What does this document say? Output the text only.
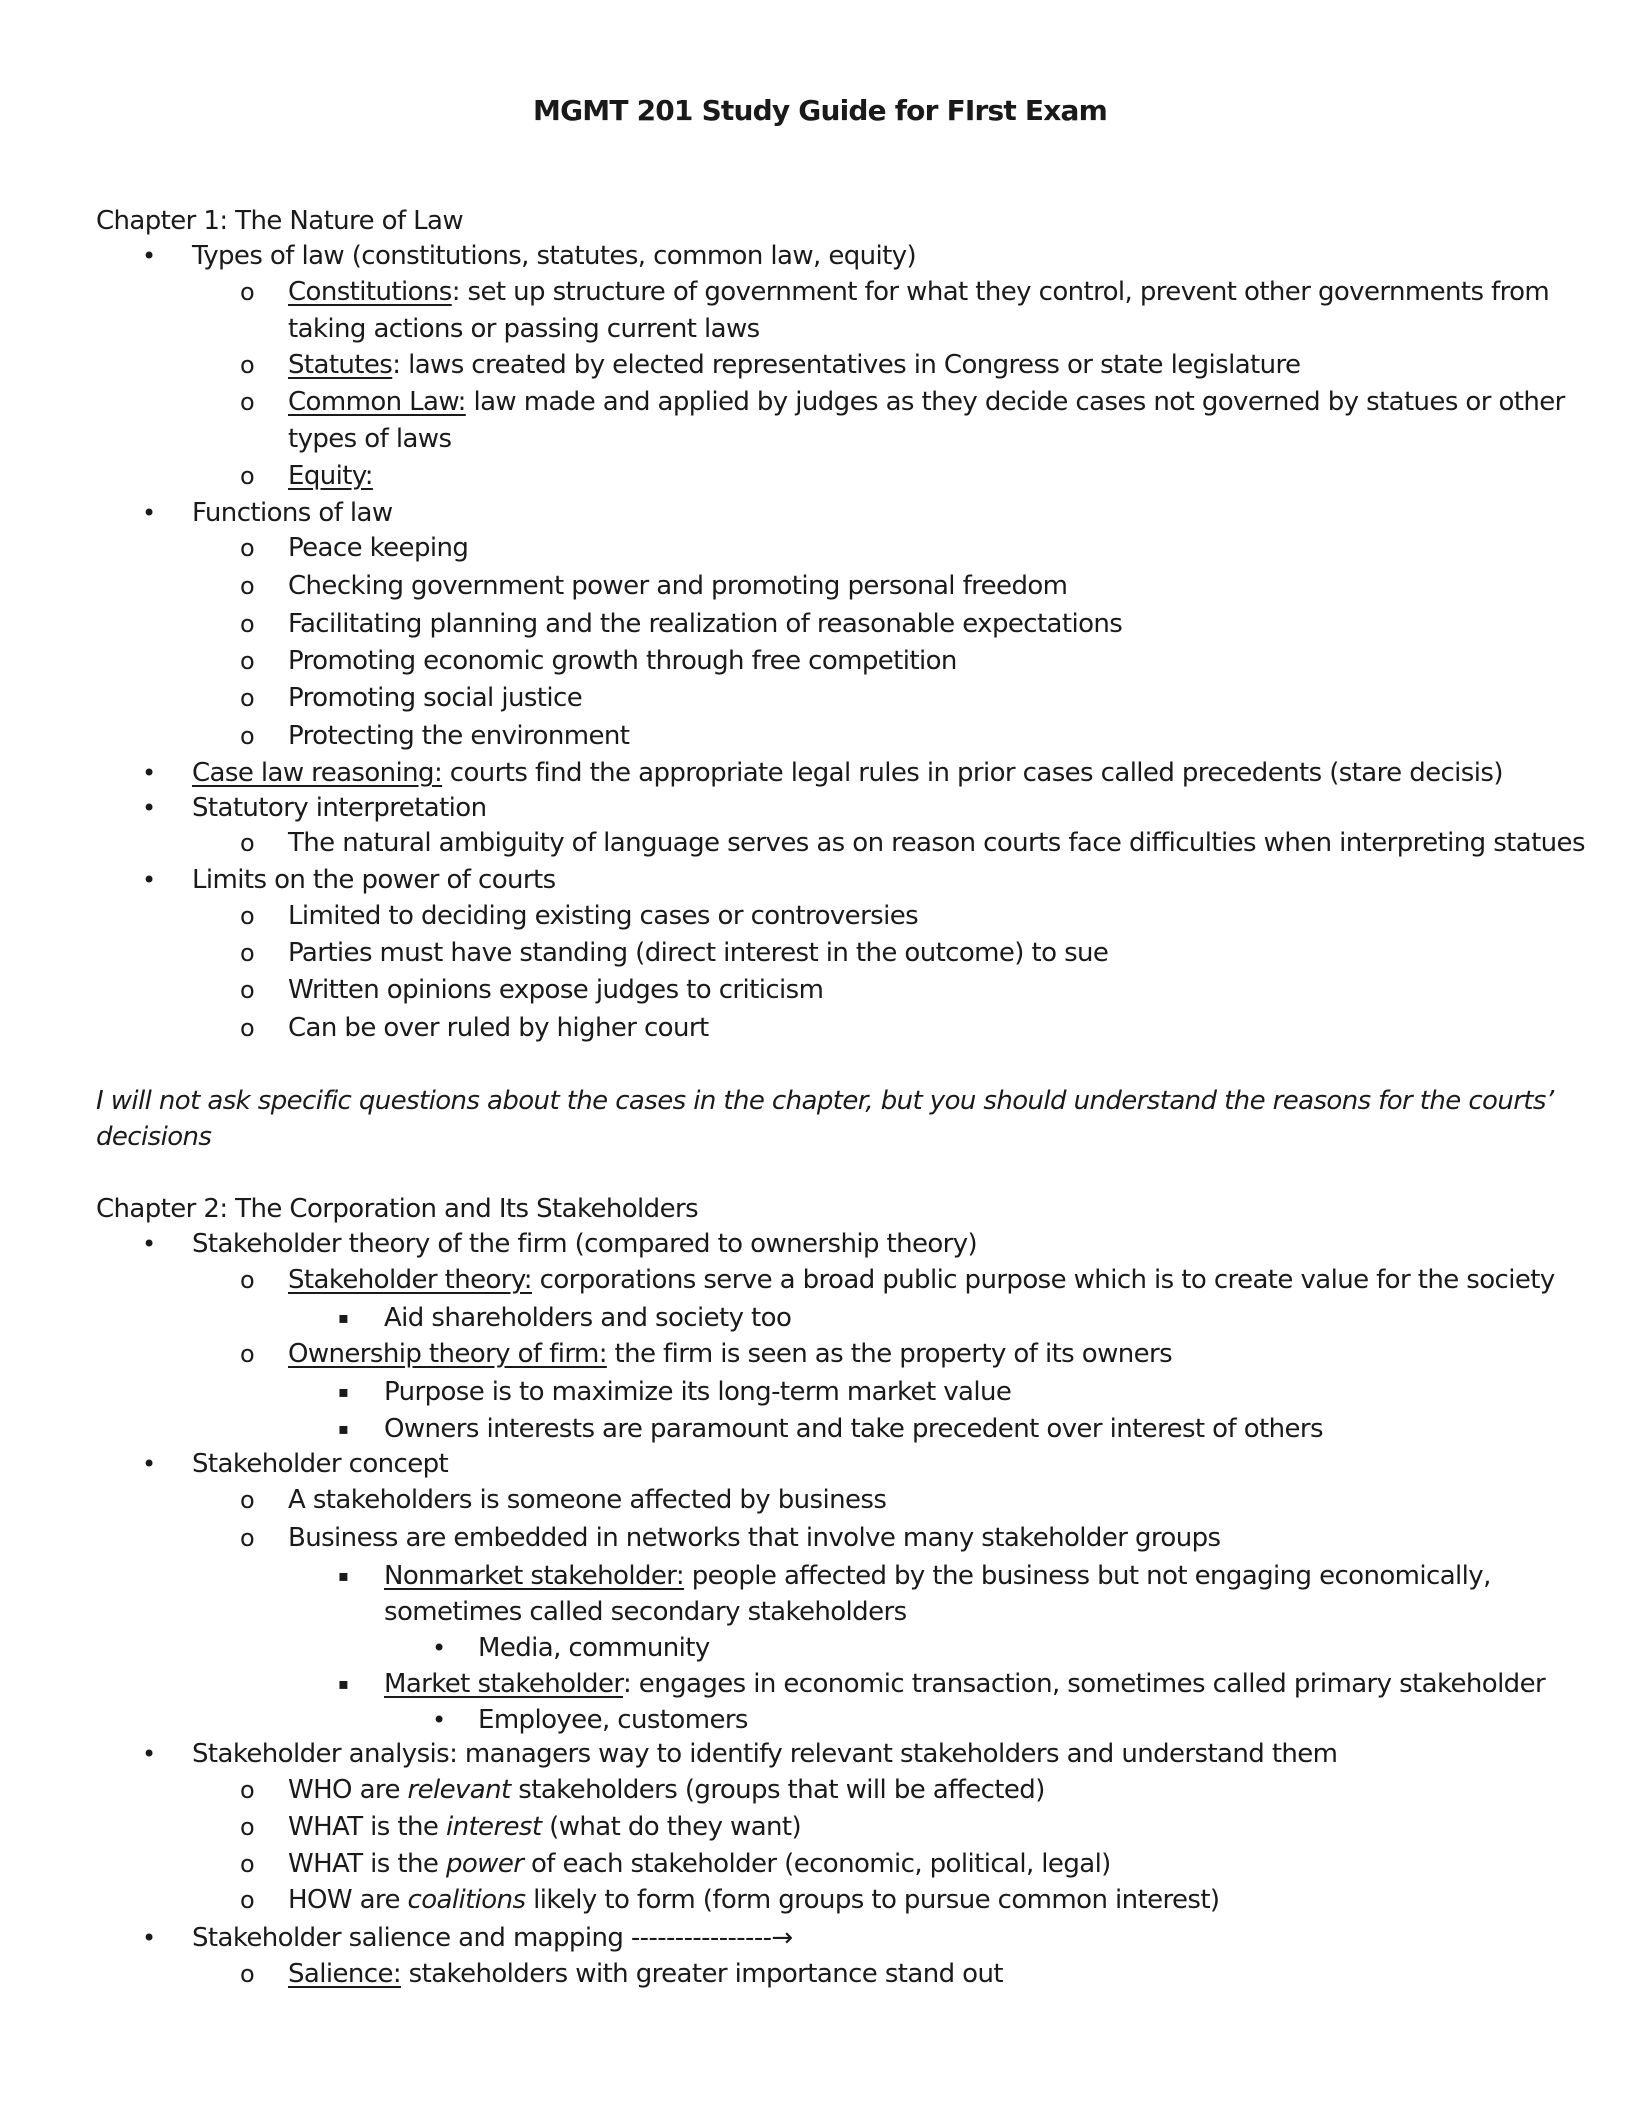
MGMT 201 Study Guide for FIrst Exam
Chapter 1: The Nature of Law
• Types of law (constitutions, statutes, common law, equity)
o Constitutions: set up structure of government for what they control, prevent other governments from
taking actions or passing current laws
o Statutes: laws created by elected representatives in Congress or state legislature
o Common Law: law made and applied by judges as they decide cases not governed by statues or other
types of laws
o Equity:
• Functions of law
o Peace keeping
o Checking government power and promoting personal freedom
o Facilitating planning and the realization of reasonable expectations
o Promoting economic growth through free competition
o Promoting social justice
o Protecting the environment
• Case law reasoning: courts find the appropriate legal rules in prior cases called precedents (stare decisis)
• Statutory interpretation
o The natural ambiguity of language serves as on reason courts face difficulties when interpreting statues
• Limits on the power of courts
o Limited to deciding existing cases or controversies
o Parties must have standing (direct interest in the outcome) to sue
o Written opinions expose judges to criticism
o Can be over ruled by higher court
I will not ask specific questions about the cases in the chapter, but you should understand the reasons for the courts’
decisions
Chapter 2: The Corporation and Its Stakeholders
• Stakeholder theory of the firm (compared to ownership theory)
o Stakeholder theory: corporations serve a broad public purpose which is to create value for the society
▪ Aid shareholders and society too
o Ownership theory of firm: the firm is seen as the property of its owners
▪ Purpose is to maximize its long-term market value
▪ Owners interests are paramount and take precedent over interest of others
• Stakeholder concept
o A stakeholders is someone affected by business
o Business are embedded in networks that involve many stakeholder groups
▪ Nonmarket stakeholder: people affected by the business but not engaging economically,
sometimes called secondary stakeholders
• Media, community
▪ Market stakeholder: engages in economic transaction, sometimes called primary stakeholder
• Employee, customers
• Stakeholder analysis: managers way to identify relevant stakeholders and understand them
o WHO are relevant stakeholders (groups that will be affected)
o WHAT is the interest (what do they want)
o WHAT is the power of each stakeholder (economic, political, legal)
o HOW are coalitions likely to form (form groups to pursue common interest)
• Stakeholder salience and mapping ----------------→
o Salience: stakeholders with greater importance stand out
